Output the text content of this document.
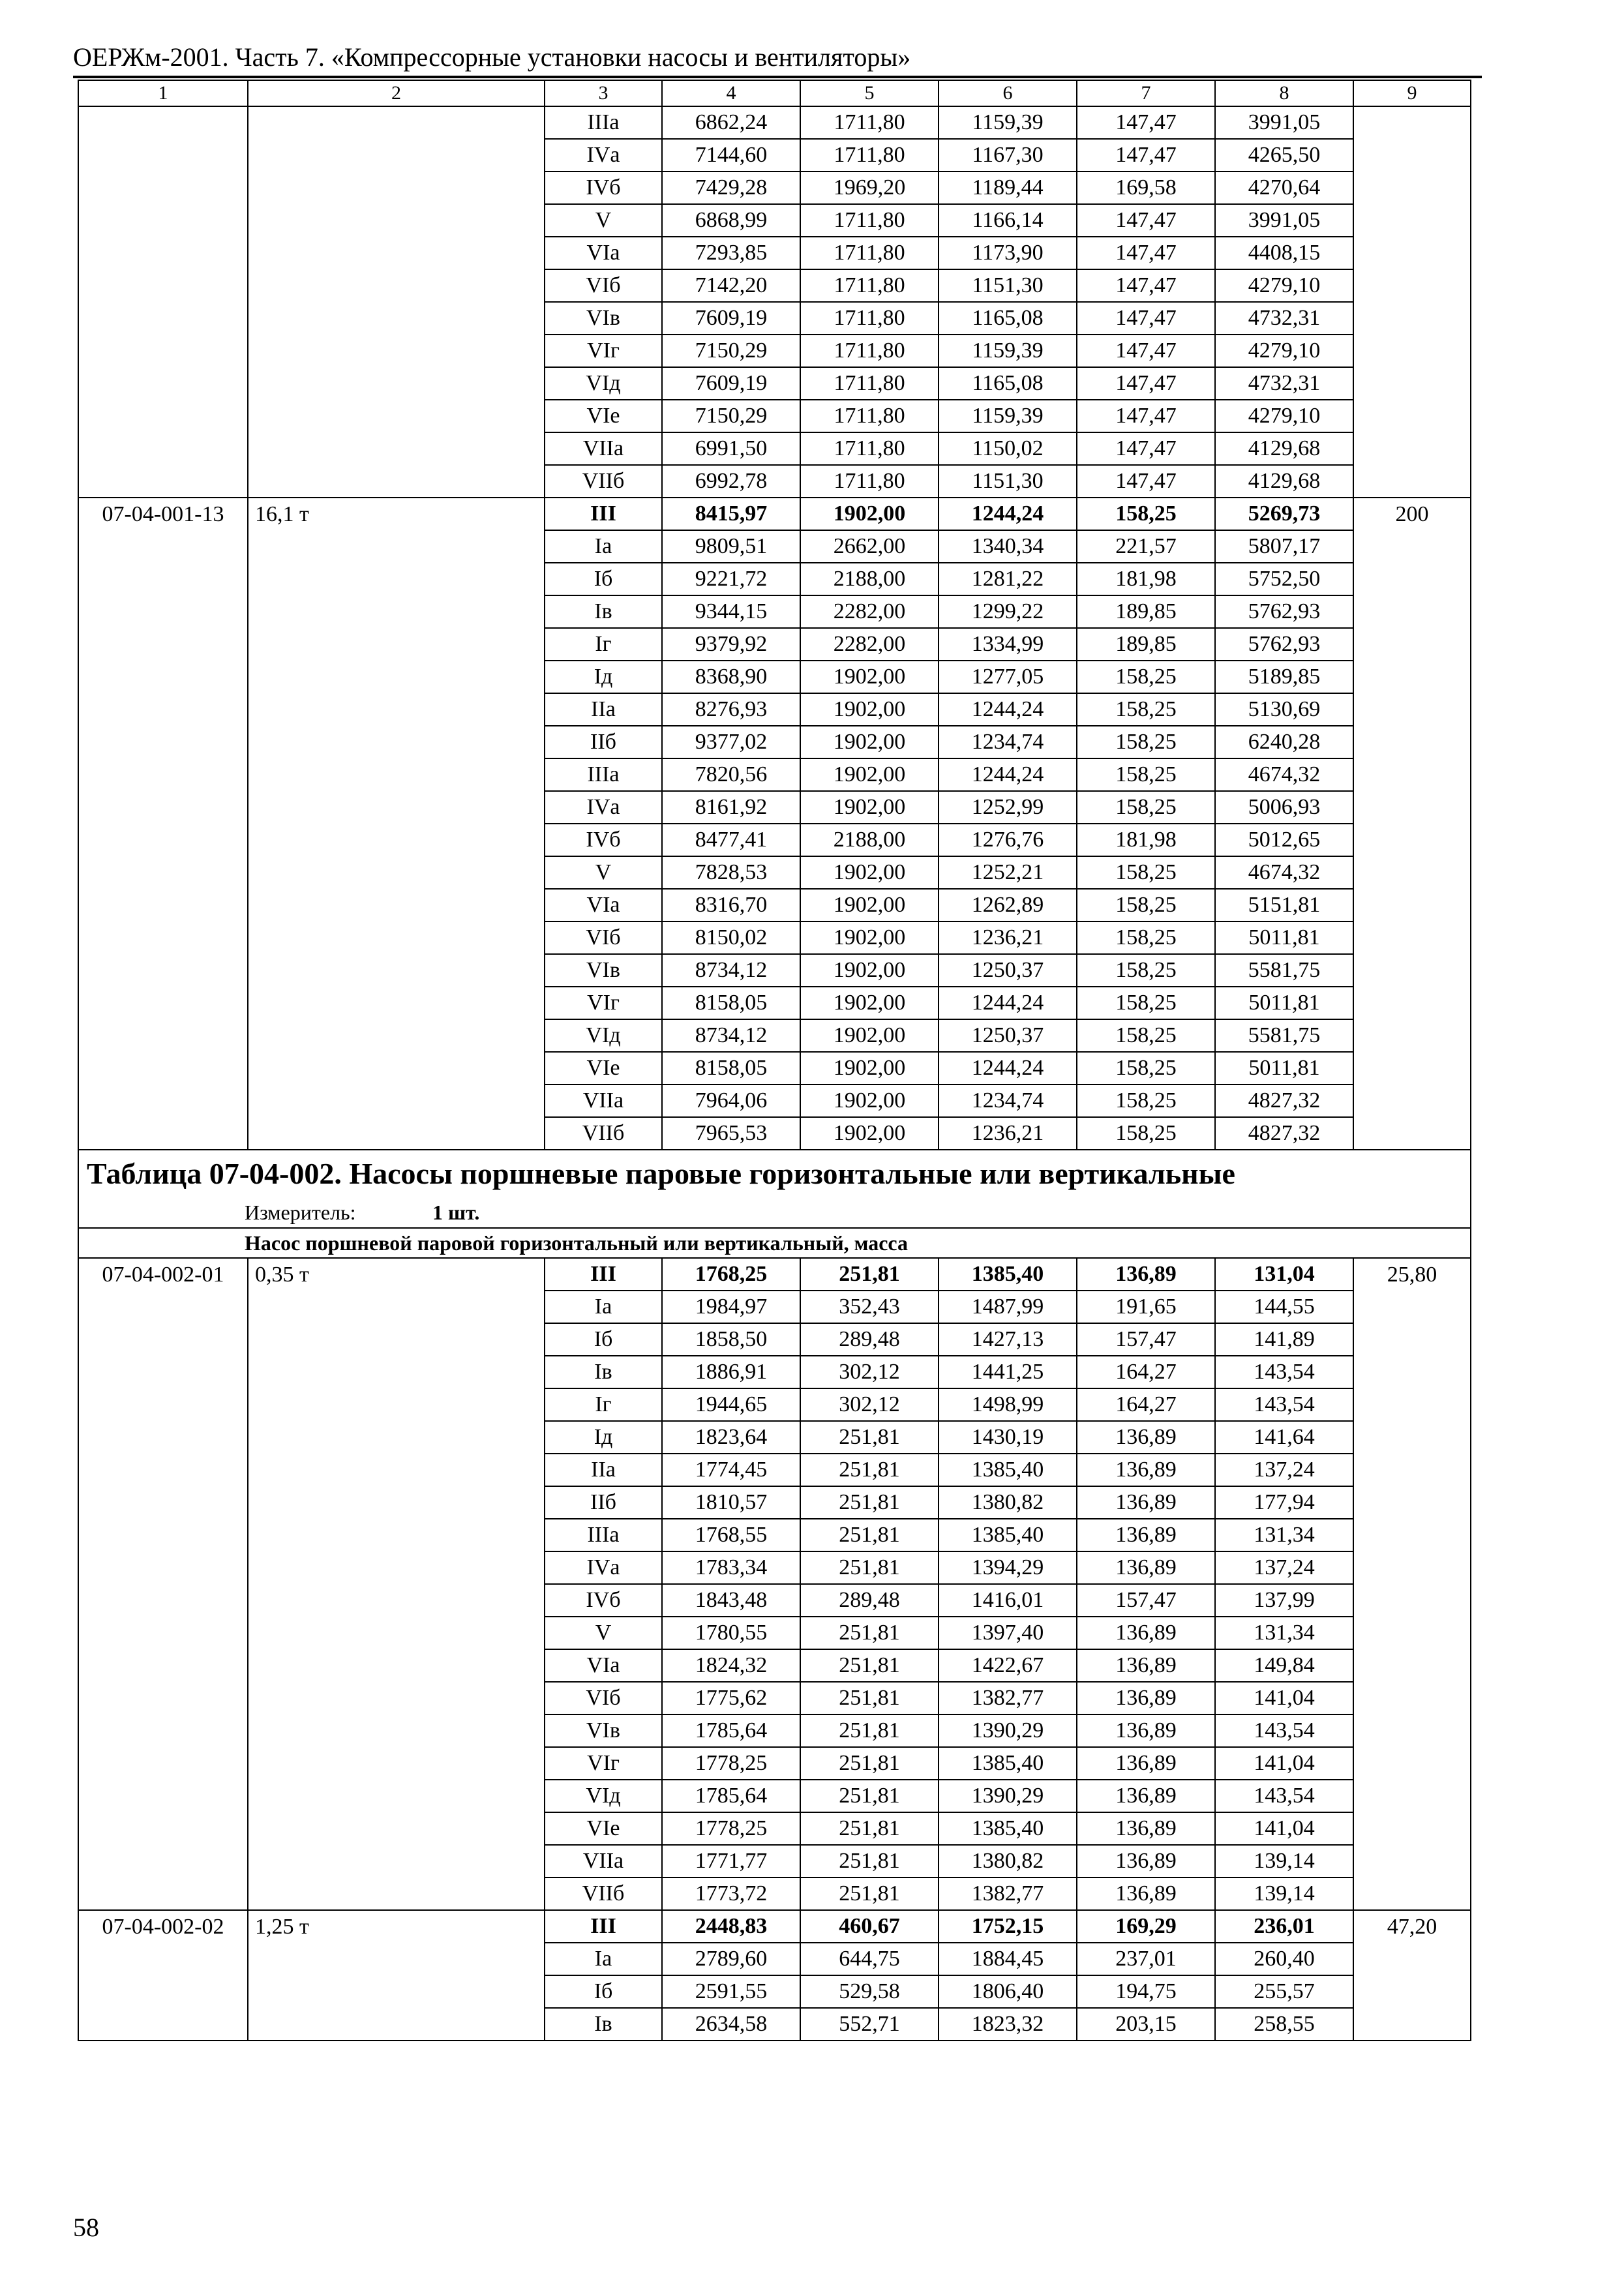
ОЕРЖм-2001. Часть 7. «Компрессорные установки насосы и вентиляторы»
1	2	3	4	5	6	7	8	9
		IIIа	6862,24	1711,80	1159,39	147,47	3991,05	
		IVа	7144,60	1711,80	1167,30	147,47	4265,50	
		IVб	7429,28	1969,20	1189,44	169,58	4270,64	
		V	6868,99	1711,80	1166,14	147,47	3991,05	
		VIа	7293,85	1711,80	1173,90	147,47	4408,15	
		VIб	7142,20	1711,80	1151,30	147,47	4279,10	
		VIв	7609,19	1711,80	1165,08	147,47	4732,31	
		VIг	7150,29	1711,80	1159,39	147,47	4279,10	
		VIд	7609,19	1711,80	1165,08	147,47	4732,31	
		VIе	7150,29	1711,80	1159,39	147,47	4279,10	
		VIIа	6991,50	1711,80	1150,02	147,47	4129,68	
		VIIб	6992,78	1711,80	1151,30	147,47	4129,68	
07-04-001-13	16,1 т	III	8415,97	1902,00	1244,24	158,25	5269,73	200
		Iа	9809,51	2662,00	1340,34	221,57	5807,17	
		Iб	9221,72	2188,00	1281,22	181,98	5752,50	
		Iв	9344,15	2282,00	1299,22	189,85	5762,93	
		Iг	9379,92	2282,00	1334,99	189,85	5762,93	
		Iд	8368,90	1902,00	1277,05	158,25	5189,85	
		IIа	8276,93	1902,00	1244,24	158,25	5130,69	
		IIб	9377,02	1902,00	1234,74	158,25	6240,28	
		IIIа	7820,56	1902,00	1244,24	158,25	4674,32	
		IVа	8161,92	1902,00	1252,99	158,25	5006,93	
		IVб	8477,41	2188,00	1276,76	181,98	5012,65	
		V	7828,53	1902,00	1252,21	158,25	4674,32	
		VIа	8316,70	1902,00	1262,89	158,25	5151,81	
		VIб	8150,02	1902,00	1236,21	158,25	5011,81	
		VIв	8734,12	1902,00	1250,37	158,25	5581,75	
		VIг	8158,05	1902,00	1244,24	158,25	5011,81	
		VIд	8734,12	1902,00	1250,37	158,25	5581,75	
		VIе	8158,05	1902,00	1244,24	158,25	5011,81	
		VIIа	7964,06	1902,00	1234,74	158,25	4827,32	
		VIIб	7965,53	1902,00	1236,21	158,25	4827,32	
Таблица 07-04-002. Насосы поршневые паровые горизонтальные или вертикальные								
Измеритель: 1 шт.								
Насос поршневой паровой горизонтальный или вертикальный, масса								
07-04-002-01	0,35 т	III	1768,25	251,81	1385,40	136,89	131,04	25,80
		Iа	1984,97	352,43	1487,99	191,65	144,55	
		Iб	1858,50	289,48	1427,13	157,47	141,89	
		Iв	1886,91	302,12	1441,25	164,27	143,54	
		Iг	1944,65	302,12	1498,99	164,27	143,54	
		Iд	1823,64	251,81	1430,19	136,89	141,64	
		IIа	1774,45	251,81	1385,40	136,89	137,24	
		IIб	1810,57	251,81	1380,82	136,89	177,94	
		IIIа	1768,55	251,81	1385,40	136,89	131,34	
		IVа	1783,34	251,81	1394,29	136,89	137,24	
		IVб	1843,48	289,48	1416,01	157,47	137,99	
		V	1780,55	251,81	1397,40	136,89	131,34	
		VIа	1824,32	251,81	1422,67	136,89	149,84	
		VIб	1775,62	251,81	1382,77	136,89	141,04	
		VIв	1785,64	251,81	1390,29	136,89	143,54	
		VIг	1778,25	251,81	1385,40	136,89	141,04	
		VIд	1785,64	251,81	1390,29	136,89	143,54	
		VIе	1778,25	251,81	1385,40	136,89	141,04	
		VIIа	1771,77	251,81	1380,82	136,89	139,14	
		VIIб	1773,72	251,81	1382,77	136,89	139,14	
07-04-002-02	1,25 т	III	2448,83	460,67	1752,15	169,29	236,01	47,20
		Iа	2789,60	644,75	1884,45	237,01	260,40	
		Iб	2591,55	529,58	1806,40	194,75	255,57	
		Iв	2634,58	552,71	1823,32	203,15	258,55	
58
